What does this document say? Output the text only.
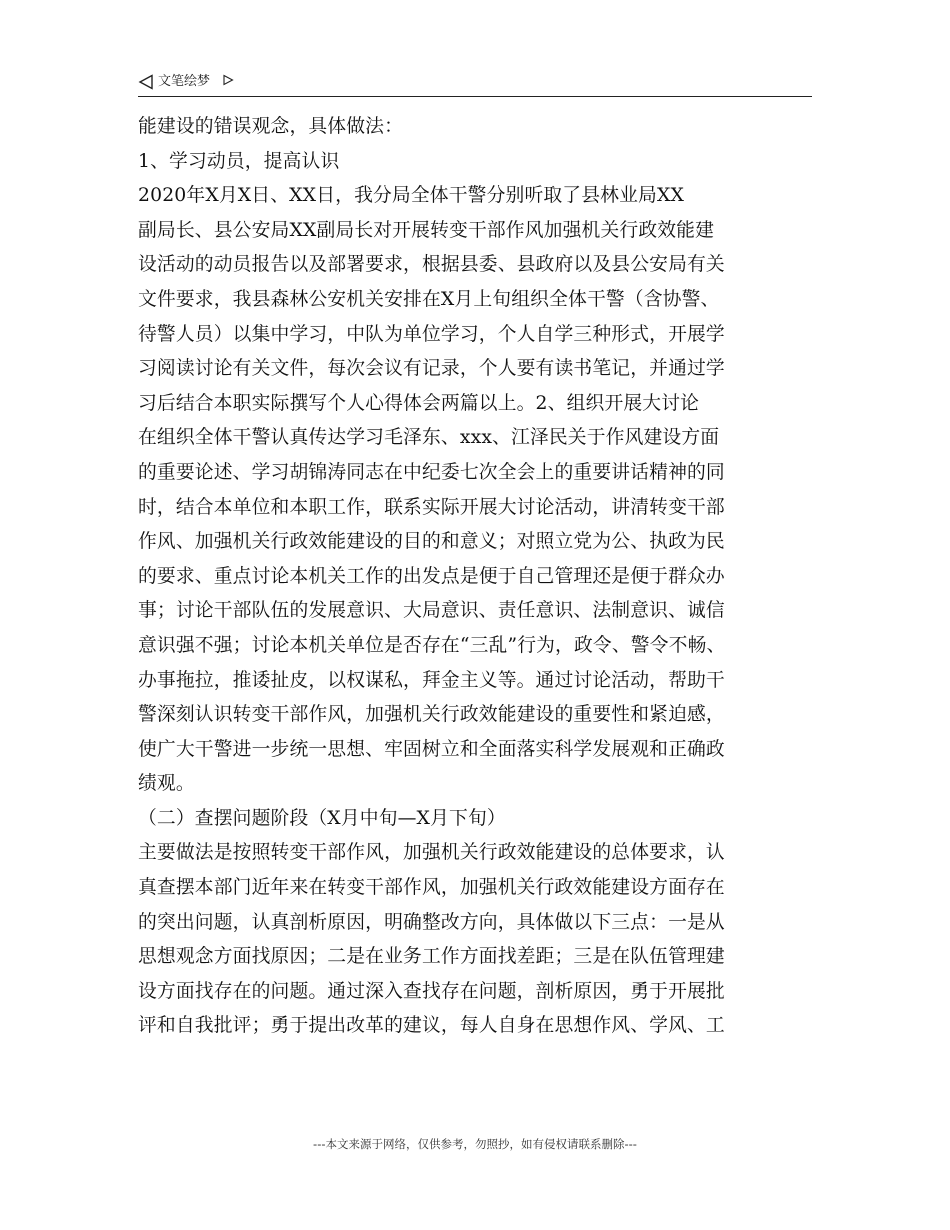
文笔绘梦
能建设的错误观念，具体做法：
1、学习动员，提高认识
2020年X月X日、XX日，我分局全体干警分别听取了县林业局XX
副局长、县公安局XX副局长对开展转变干部作风加强机关行政效能建
设活动的动员报告以及部署要求，根据县委、县政府以及县公安局有关
文件要求，我县森林公安机关安排在X月上旬组织全体干警（含协警、
待警人员）以集中学习，中队为单位学习，个人自学三种形式，开展学
习阅读讨论有关文件，每次会议有记录，个人要有读书笔记，并通过学
习后结合本职实际撰写个人心得体会两篇以上。2、组织开展大讨论
在组织全体干警认真传达学习毛泽东、xxx、江泽民关于作风建设方面
的重要论述、学习胡锦涛同志在中纪委七次全会上的重要讲话精神的同
时，结合本单位和本职工作，联系实际开展大讨论活动，讲清转变干部
作风、加强机关行政效能建设的目的和意义；对照立党为公、执政为民
的要求、重点讨论本机关工作的出发点是便于自己管理还是便于群众办
事；讨论干部队伍的发展意识、大局意识、责任意识、法制意识、诚信
意识强不强；讨论本机关单位是否存在“三乱”行为，政令、警令不畅、
办事拖拉，推诿扯皮，以权谋私，拜金主义等。通过讨论活动，帮助干
警深刻认识转变干部作风，加强机关行政效能建设的重要性和紧迫感，
使广大干警进一步统一思想、牢固树立和全面落实科学发展观和正确政
绩观。
（二）查摆问题阶段（X月中旬—X月下旬）
主要做法是按照转变干部作风，加强机关行政效能建设的总体要求，认
真查摆本部门近年来在转变干部作风，加强机关行政效能建设方面存在
的突出问题，认真剖析原因，明确整改方向，具体做以下三点：一是从
思想观念方面找原因；二是在业务工作方面找差距；三是在队伍管理建
设方面找存在的问题。通过深入查找存在问题，剖析原因，勇于开展批
评和自我批评；勇于提出改革的建议，每人自身在思想作风、学风、工
---本文来源于网络，仅供参考，勿照抄，如有侵权请联系删除---
